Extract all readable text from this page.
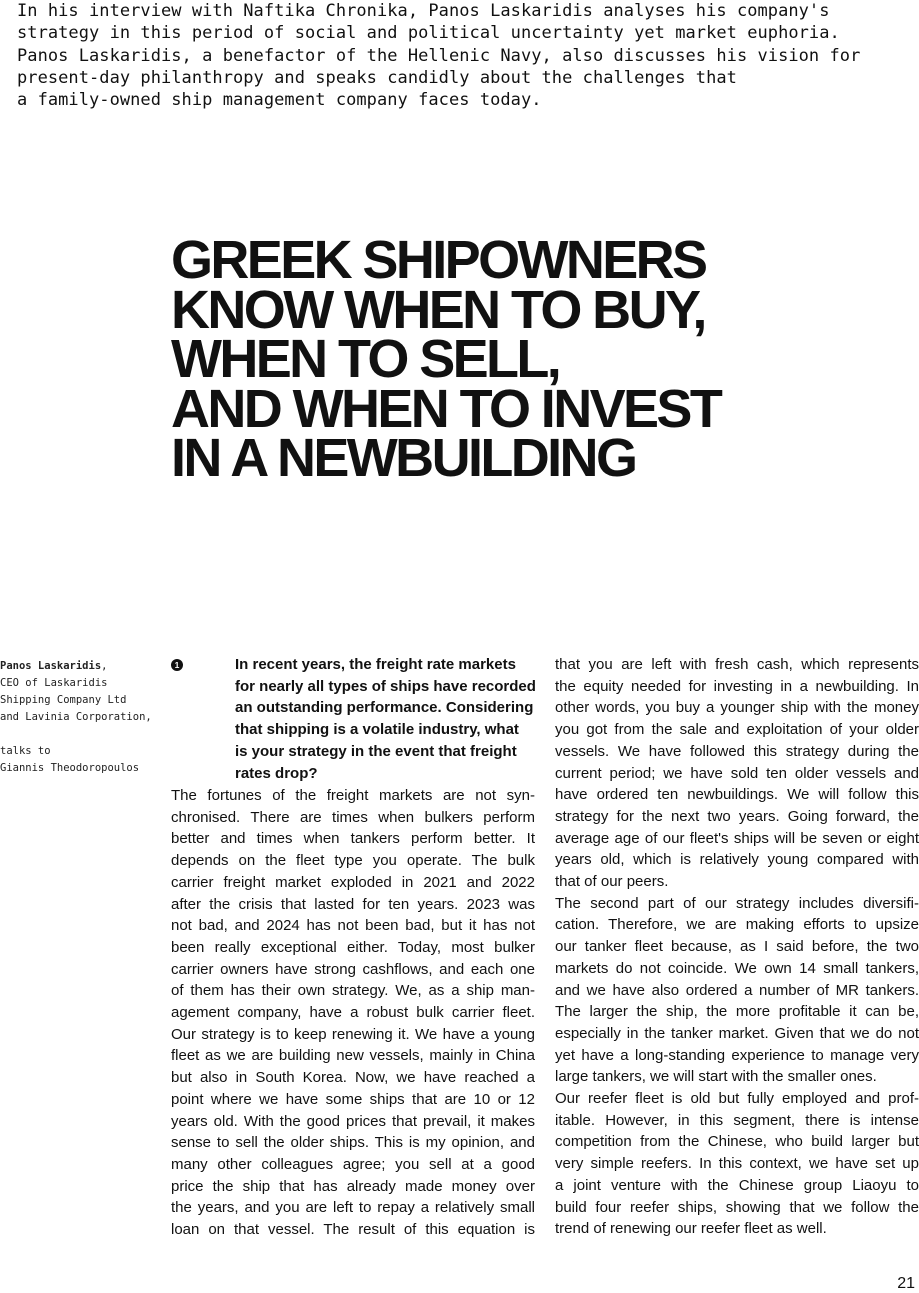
In his interview with Naftika Chronika, Panos Laskaridis analyses his company's

strategy in this period of social and political uncertainty yet market euphoria.

Panos Laskaridis, a benefactor of the Hellenic Navy, also discusses his vision for

present-day philanthropy and speaks candidly about the challenges that

a family-owned ship management company faces today.

GREEK SHIPOWNERS
KNOW WHEN TO BUY,
WHEN TO SELL,
AND WHEN TO INVEST
IN A NEWBUILDING
Panos Laskaridis,
CEO of Laskaridis
Shipping Company Ltd
and Lavinia Corporation,
talks to
Giannis Theodoropoulos
1	In recent years, the freight rate markets
for nearly all types of ships have recorded
an outstanding performance. Considering
that shipping is a volatile industry, what
is your strategy in the event that freight
rates drop?
The fortunes of the freight markets are not syn-
chronised. There are times when bulkers perform
better and times when tankers perform better. It
depends on the fleet type you operate. The bulk
carrier freight market exploded in 2021 and 2022
after the crisis that lasted for ten years. 2023 was
not bad, and 2024 has not been bad, but it has not
been really exceptional either. Today, most bulker
carrier owners have strong cashflows, and each one
of them has their own strategy. We, as a ship man-
agement company, have a robust bulk carrier fleet.
Our strategy is to keep renewing it. We have a young
fleet as we are building new vessels, mainly in China
but also in South Korea. Now, we have reached a
point where we have some ships that are 10 or 12
years old. With the good prices that prevail, it makes
sense to sell the older ships. This is my opinion, and
many other colleagues agree; you sell at a good
price the ship that has already made money over
the years, and you are left to repay a relatively small
loan on that vessel. The result of this equation is
that you are left with fresh cash, which represents
the equity needed for investing in a newbuilding. In
other words, you buy a younger ship with the money
you got from the sale and exploitation of your older
vessels. We have followed this strategy during the
current period; we have sold ten older vessels and
have ordered ten newbuildings. We will follow this
strategy for the next two years. Going forward, the
average age of our fleet's ships will be seven or eight
years old, which is relatively young compared with
that of our peers.
The second part of our strategy includes diversifi-
cation. Therefore, we are making efforts to upsize
our tanker fleet because, as I said before, the two
markets do not coincide. We own 14 small tankers,
and we have also ordered a number of MR tankers.
The larger the ship, the more profitable it can be,
especially in the tanker market. Given that we do not
yet have a long-standing experience to manage very
large tankers, we will start with the smaller ones.
Our reefer fleet is old but fully employed and prof-
itable. However, in this segment, there is intense
competition from the Chinese, who build larger but
very simple reefers. In this context, we have set up
a joint venture with the Chinese group Liaoyu to
build four reefer ships, showing that we follow the
trend of renewing our reefer fleet as well.
21
